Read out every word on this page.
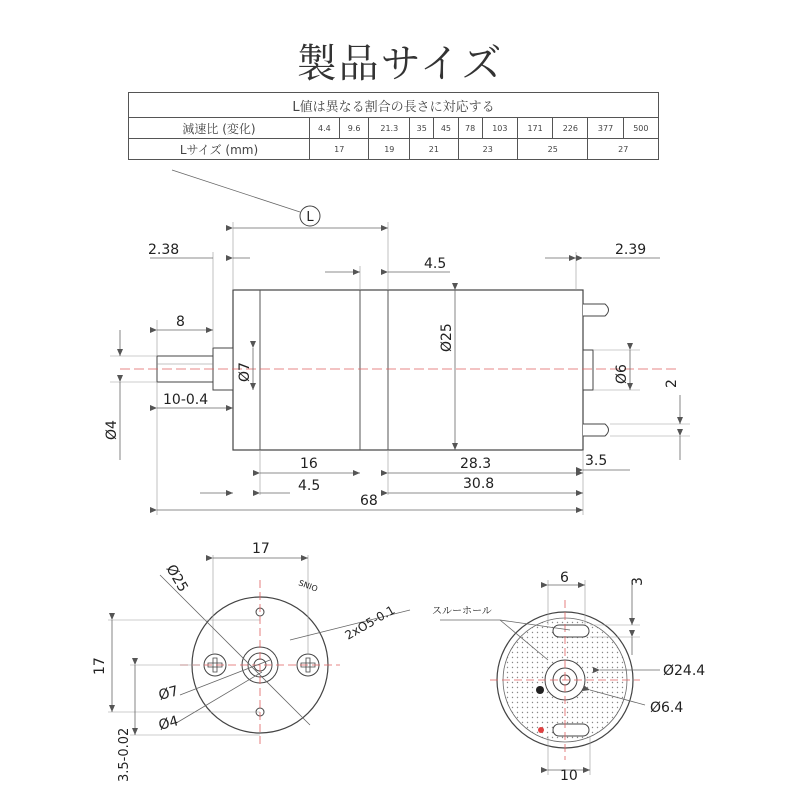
製品サイズ
L値は異なる割合の長さに対応する											
減速比 (変化)	4.4	9.6	21.3	35	45	78	103	171	226	377	500
Lサイズ (mm)	17		19	21		23		25		27	
L
2.38
4.5
2.39
8
10-0.4
Ø4
Ø7
Ø25
Ø6 2
16	28.3	3.5
4.5	30.8
68
17
Ø25
2xO5-0.1
SNIO
17
Ø7
Ø4
3.5-0.02
スルーホール
6	3
Ø24.4
Ø6.4
10
